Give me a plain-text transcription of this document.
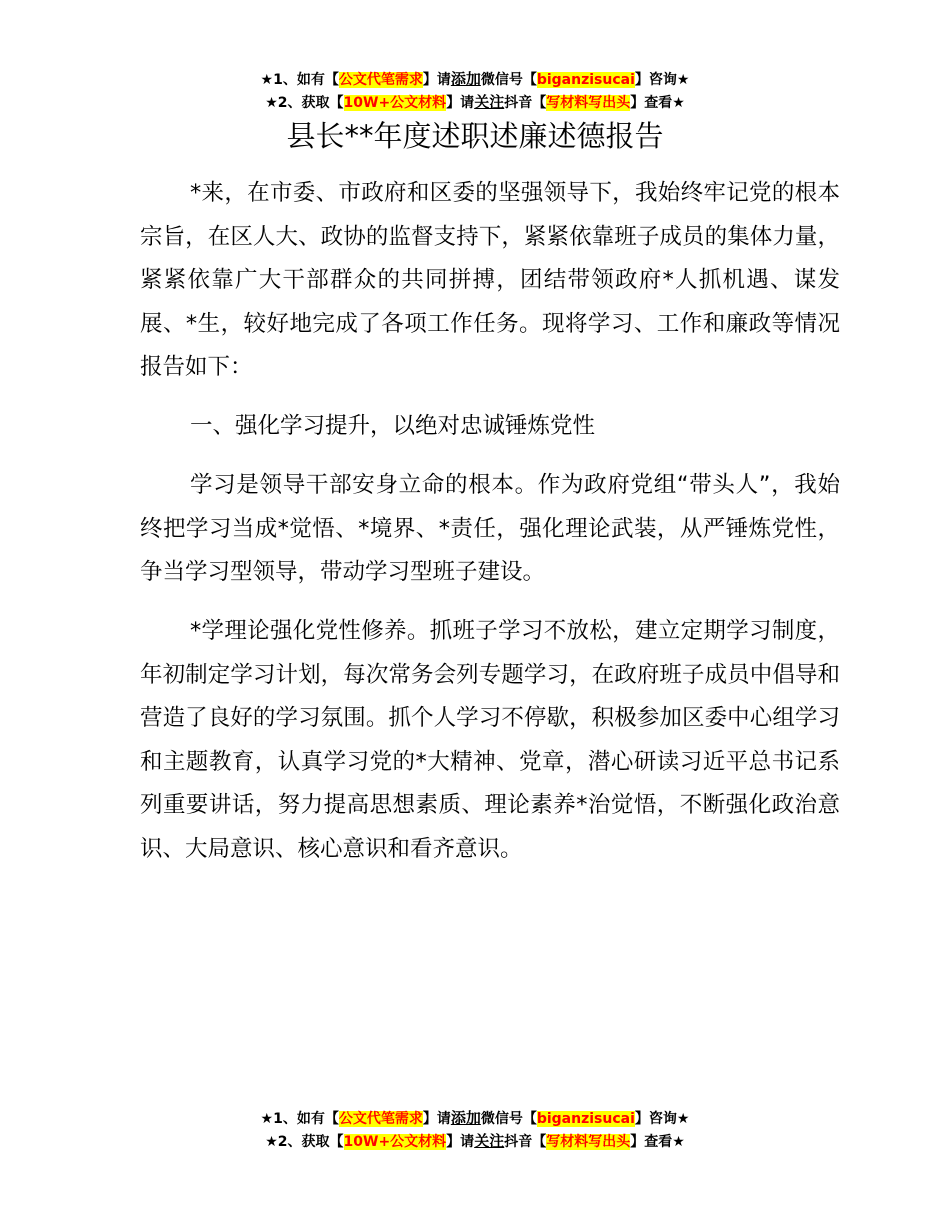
★1、如有【公文代笔需求】请添加微信号【biganzisucai】咨询★
★2、获取【10W+公文材料】请关注抖音【写材料写出头】查看★
县长**年度述职述廉述德报告

*来，在市委、市政府和区委的坚强领导下，我始终牢记党的根本宗旨，在区人大、政协的监督支持下，紧紧依靠班子成员的集体力量，紧紧依靠广大干部群众的共同拼搏，团结带领政府*人抓机遇、谋发展、*生，较好地完成了各项工作任务。现将学习、工作和廉政等情况报告如下：

一、强化学习提升，以绝对忠诚锤炼党性

学习是领导干部安身立命的根本。作为政府党组“带头人”，我始终把学习当成*觉悟、*境界、*责任，强化理论武装，从严锤炼党性，争当学习型领导，带动学习型班子建设。

*学理论强化党性修养。抓班子学习不放松，建立定期学习制度，年初制定学习计划，每次常务会列专题学习，在政府班子成员中倡导和营造了良好的学习氛围。抓个人学习不停歇，积极参加区委中心组学习和主题教育，认真学习党的*大精神、党章，潜心研读习近平总书记系列重要讲话，努力提高思想素质、理论素养*治觉悟，不断强化政治意识、大局意识、核心意识和看齐意识。

★1、如有【公文代笔需求】请添加微信号【biganzisucai】咨询★
★2、获取【10W+公文材料】请关注抖音【写材料写出头】查看★
